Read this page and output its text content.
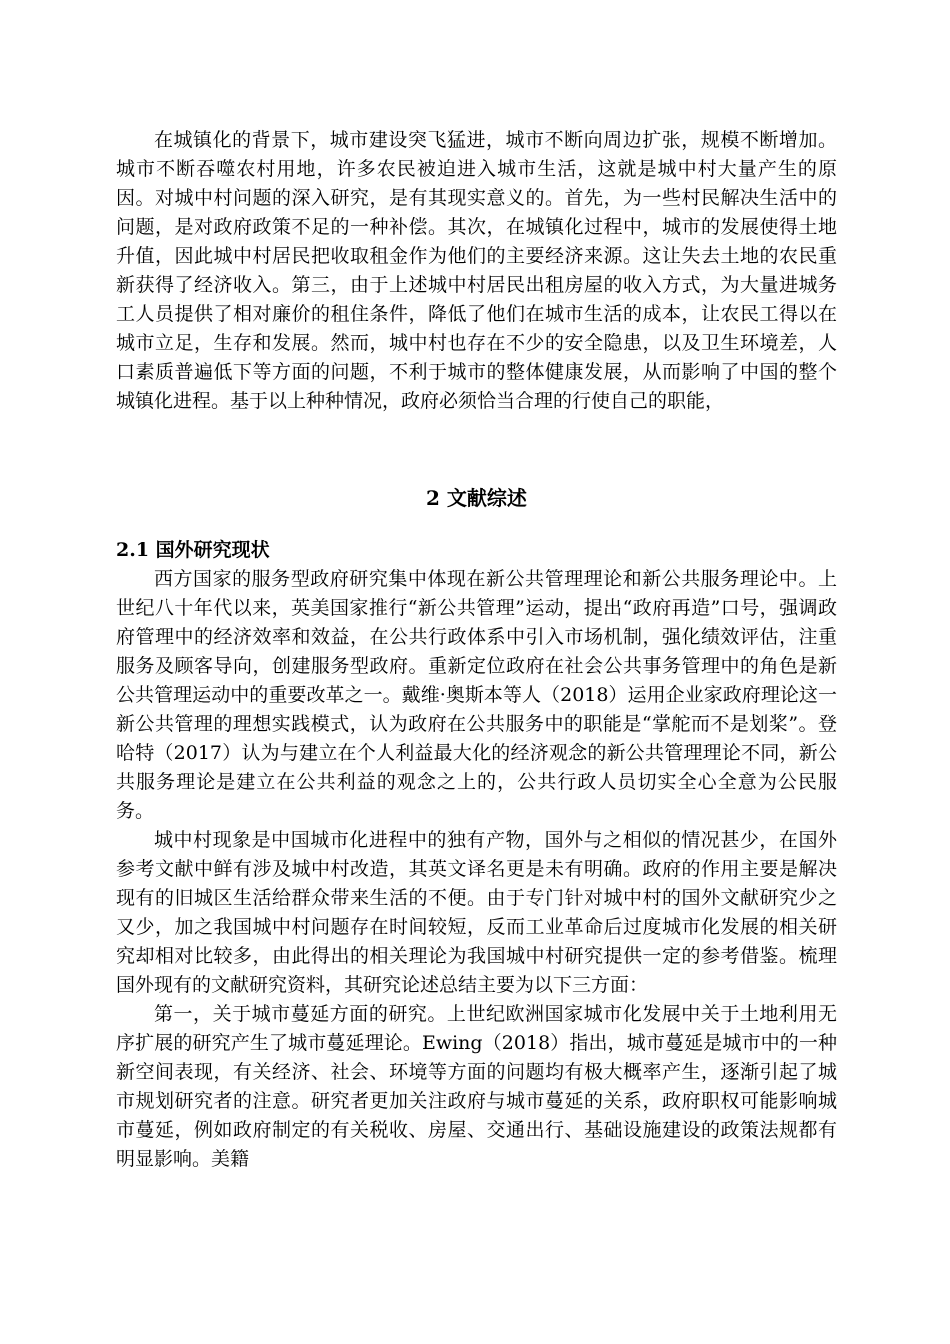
在城镇化的背景下，城市建设突飞猛进，城市不断向周边扩张，规模不断增加。城市不断吞噬农村用地，许多农民被迫进入城市生活，这就是城中村大量产生的原因。对城中村问题的深入研究，是有其现实意义的。首先，为一些村民解决生活中的问题，是对政府政策不足的一种补偿。其次，在城镇化过程中，城市的发展使得土地升值，因此城中村居民把收取租金作为他们的主要经济来源。这让失去土地的农民重新获得了经济收入。第三，由于上述城中村居民出租房屋的收入方式，为大量进城务工人员提供了相对廉价的租住条件，降低了他们在城市生活的成本，让农民工得以在城市立足，生存和发展。然而，城中村也存在不少的安全隐患，以及卫生环境差，人口素质普遍低下等方面的问题，不利于城市的整体健康发展，从而影响了中国的整个城镇化进程。基于以上种种情况，政府必须恰当合理的行使自己的职能，

2 文献综述
2.1 国外研究现状

西方国家的服务型政府研究集中体现在新公共管理理论和新公共服务理论中。上世纪八十年代以来，英美国家推行“新公共管理”运动，提出“政府再造”口号，强调政府管理中的经济效率和效益，在公共行政体系中引入市场机制，强化绩效评估，注重服务及顾客导向，创建服务型政府。重新定位政府在社会公共事务管理中的角色是新公共管理运动中的重要改革之一。戴维·奥斯本等人（2018）运用企业家政府理论这一新公共管理的理想实践模式，认为政府在公共服务中的职能是“掌舵而不是划桨”。登哈特（2017）认为与建立在个人利益最大化的经济观念的新公共管理理论不同，新公共服务理论是建立在公共利益的观念之上的，公共行政人员切实全心全意为公民服务。

城中村现象是中国城市化进程中的独有产物，国外与之相似的情况甚少，在国外参考文献中鲜有涉及城中村改造，其英文译名更是未有明确。政府的作用主要是解决现有的旧城区生活给群众带来生活的不便。由于专门针对城中村的国外文献研究少之又少，加之我国城中村问题存在时间较短，反而工业革命后过度城市化发展的相关研究却相对比较多，由此得出的相关理论为我国城中村研究提供一定的参考借鉴。梳理国外现有的文献研究资料，其研究论述总结主要为以下三方面：

第一，关于城市蔓延方面的研究。上世纪欧洲国家城市化发展中关于土地利用无序扩展的研究产生了城市蔓延理论。Ewing（2018）指出，城市蔓延是城市中的一种新空间表现，有关经济、社会、环境等方面的问题均有极大概率产生，逐渐引起了城市规划研究者的注意。研究者更加关注政府与城市蔓延的关系，政府职权可能影响城市蔓延，例如政府制定的有关税收、房屋、交通出行、基础设施建设的政策法规都有明显影响。美籍
